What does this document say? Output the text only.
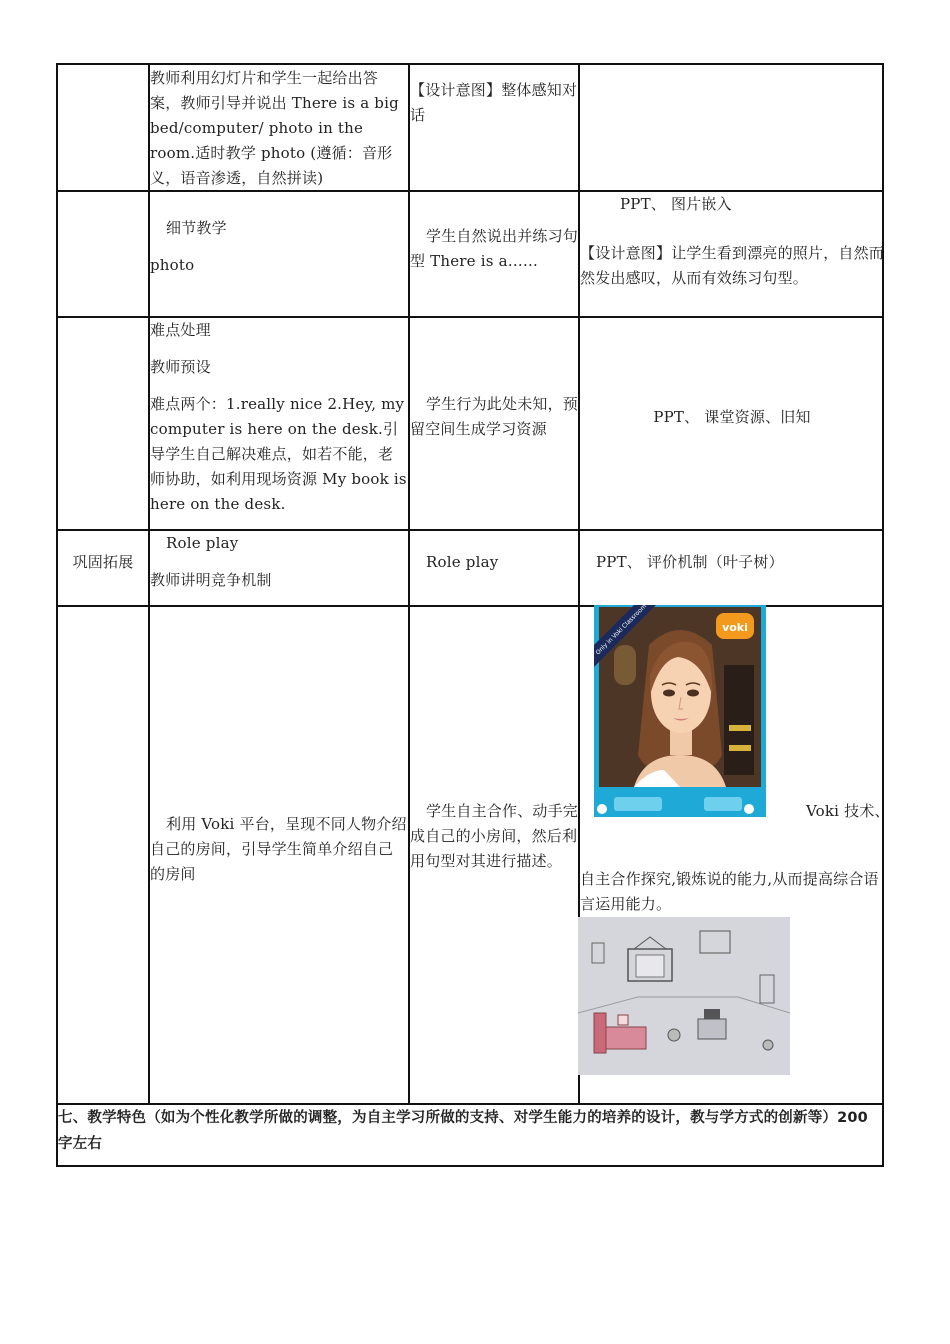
教师利用幻灯片和学生一起给出答案，教师引导并说出 There is a big bed/computer/ photo in the room.适时教学 photo (遵循：音形义，语音渗透，自然拼读)

【设计意图】整体感知对话

细节教学

photo

学生自然说出并练习句型 There is a……

PPT、 图片嵌入

【设计意图】让学生看到漂亮的照片，自然而然发出感叹，从而有效练习句型。

难点处理

教师预设

难点两个：1.really nice 2.Hey, my computer is here on the desk.引导学生自己解决难点，如若不能，老师协助，如利用现场资源 My book is here on the desk.

学生行为此处未知，预留空间生成学习资源

PPT、 课堂资源、旧知

巩固拓展

Role play

教师讲明竞争机制

Role play	PPT、 评价机制（叶子树）

利用 Voki 平台，呈现不同人物介绍自己的房间，引导学生简单介绍自己的房间

学生自主合作、动手完成自己的小房间，然后利用句型对其进行描述。

voki
Only in Voki Classroom

Voki 技术、

自主合作探究,锻炼说的能力,从而提高综合语言运用能力。

七、教学特色（如为个性化教学所做的调整，为自主学习所做的支持、对学生能力的培养的设计，教与学方式的创新等）200 字左右
